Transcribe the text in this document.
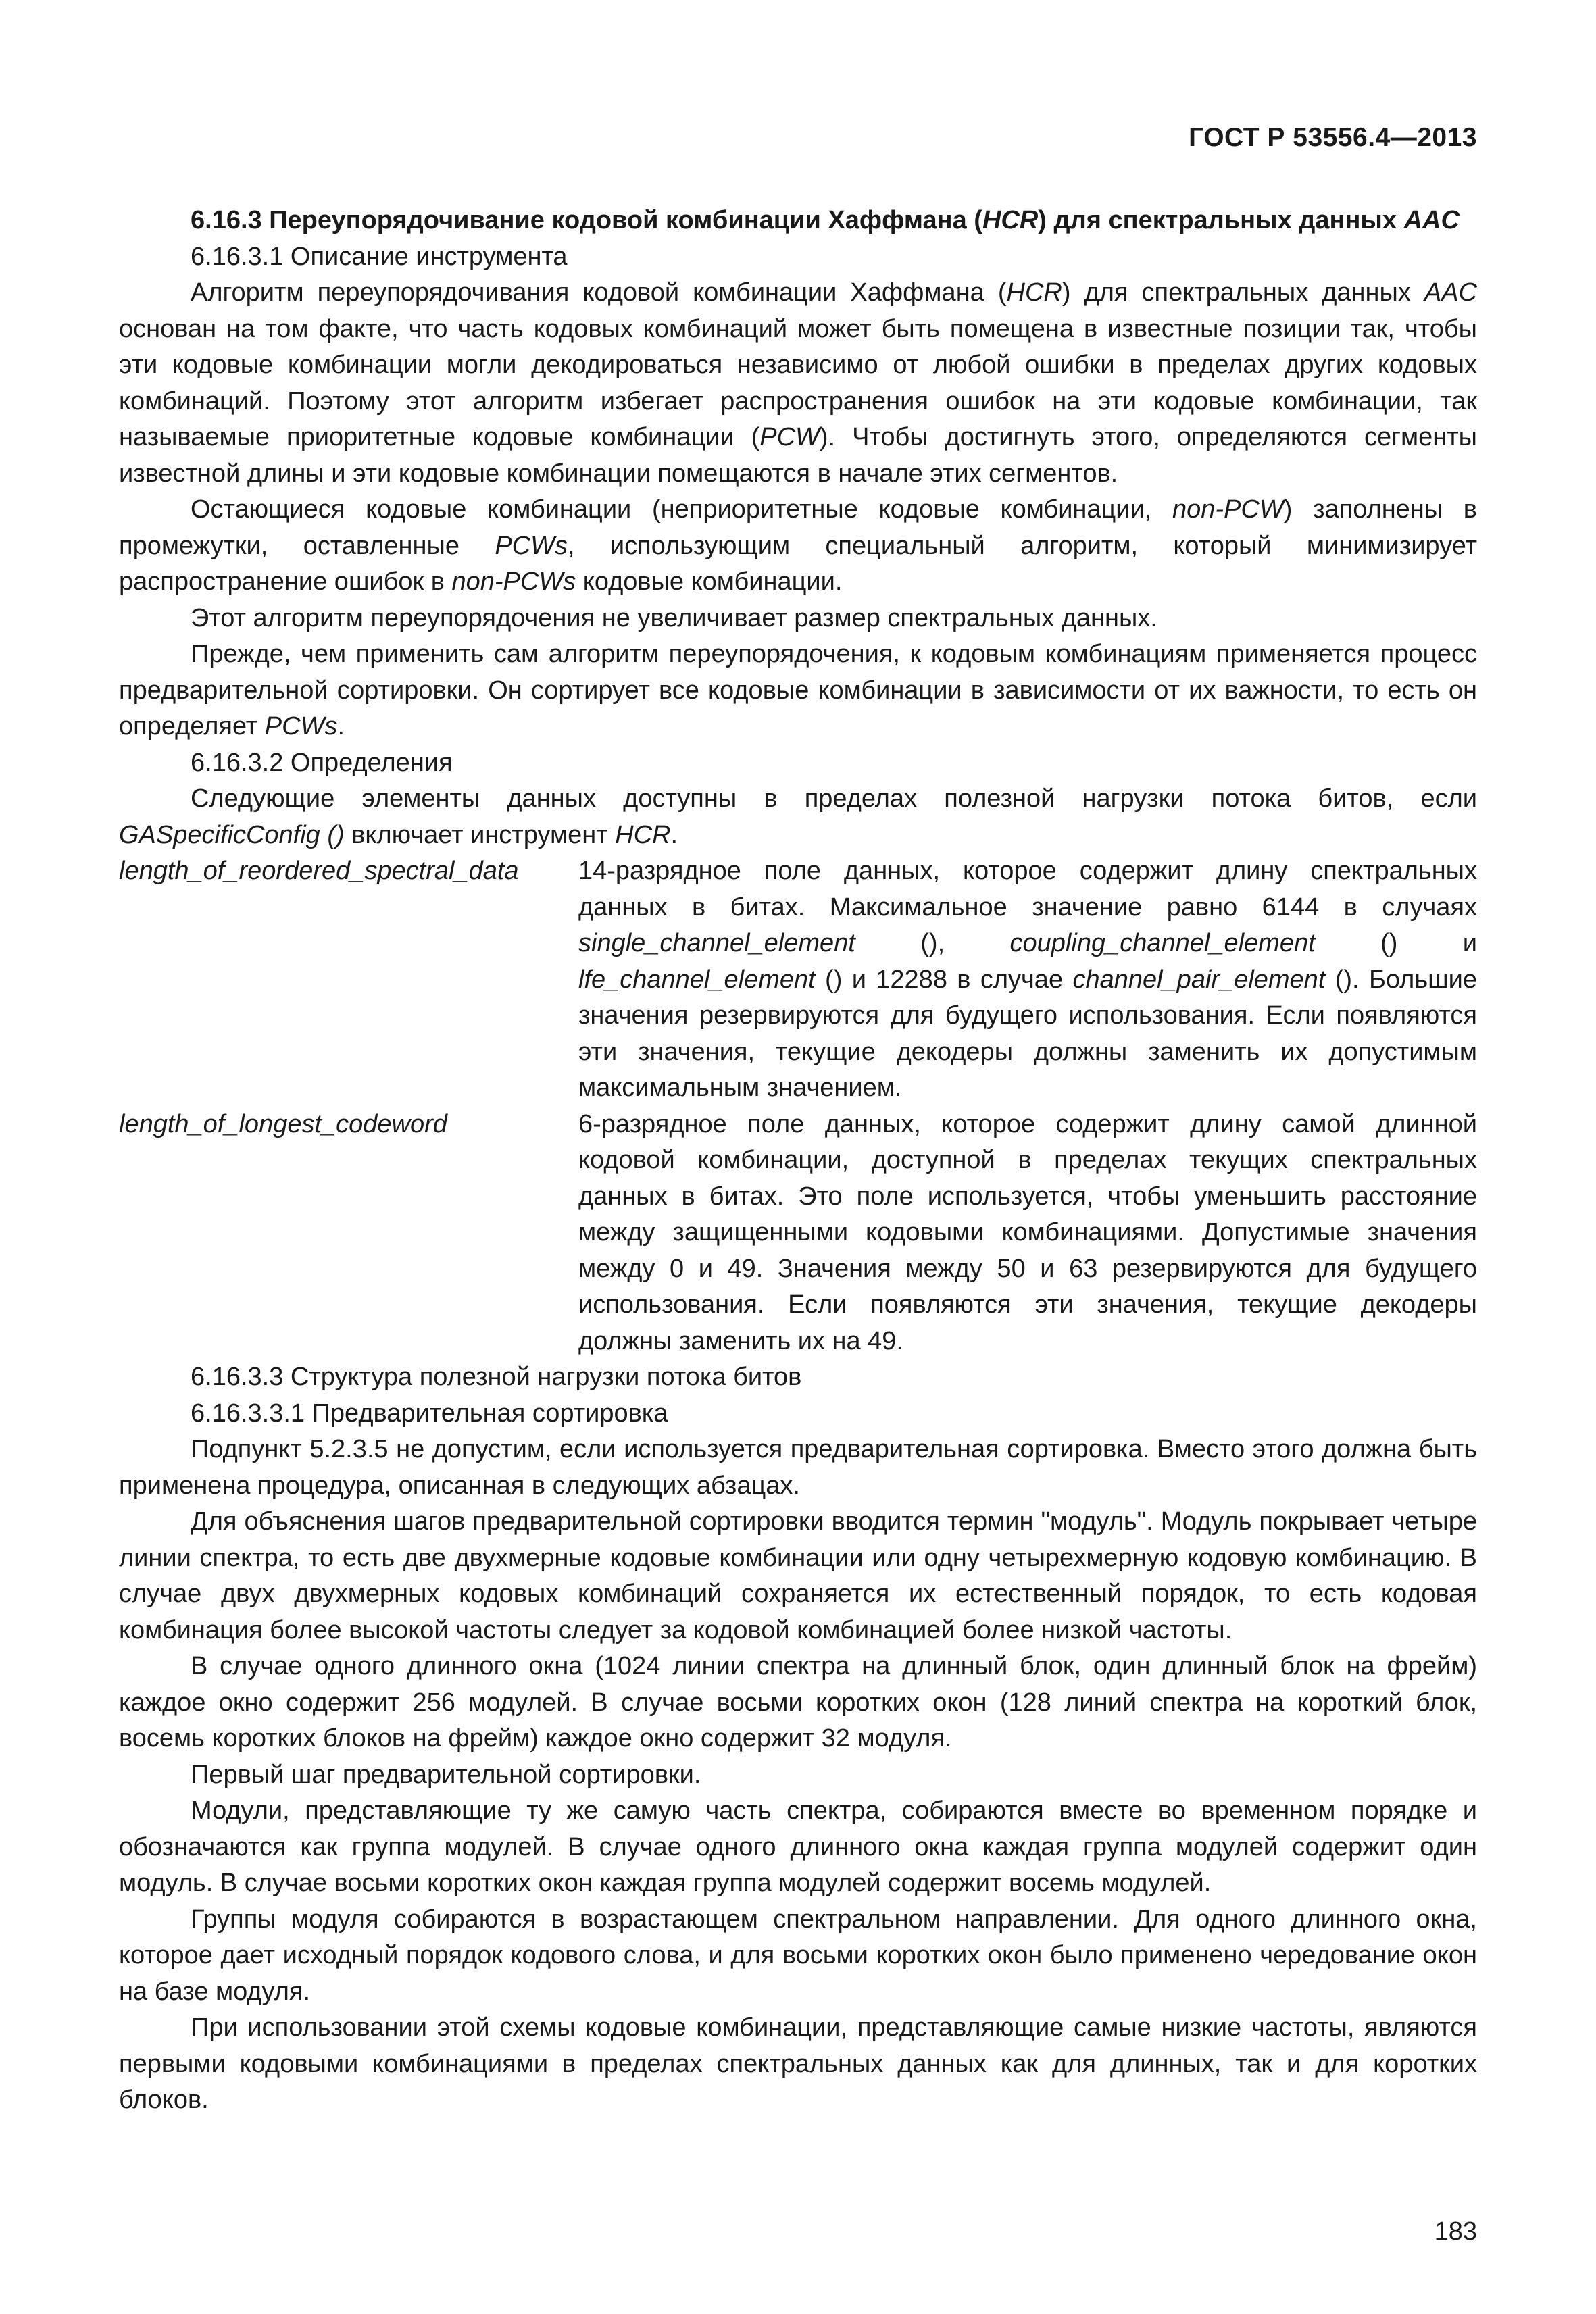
ГОСТ Р 53556.4—2013

6.16.3 Переупорядочивание кодовой комбинации Хаффмана (HCR) для спектральных данных AAC

6.16.3.1 Описание инструмента

Алгоритм переупорядочивания кодовой комбинации Хаффмана (HCR) для спектральных данных AAC основан на том факте, что часть кодовых комбинаций может быть помещена в известные позиции так, чтобы эти кодовые комбинации могли декодироваться независимо от любой ошибки в пределах других кодовых комбинаций. Поэтому этот алгоритм избегает распространения ошибок на эти кодовые комбинации, так называемые приоритетные кодовые комбинации (PCW). Чтобы достигнуть этого, определяются сегменты известной длины и эти кодовые комбинации помещаются в начале этих сегментов.

Остающиеся кодовые комбинации (неприоритетные кодовые комбинации, non-PCW) заполнены в промежутки, оставленные PCWs, использующим специальный алгоритм, который минимизирует распространение ошибок в non-PCWs кодовые комбинации.

Этот алгоритм переупорядочения не увеличивает размер спектральных данных.

Прежде, чем применить сам алгоритм переупорядочения, к кодовым комбинациям применяется процесс предварительной сортировки. Он сортирует все кодовые комбинации в зависимости от их важности, то есть он определяет PCWs.

6.16.3.2 Определения

Следующие элементы данных доступны в пределах полезной нагрузки потока битов, если GASpecificConfig () включает инструмент HCR.

length_of_reordered_spectral_data	14-разрядное поле данных, которое содержит длину спектральных данных в битах. Максимальное значение равно 6144 в случаях single_channel_element (), coupling_channel_element () и lfe_channel_element () и 12288 в случае channel_pair_element (). Большие значения резервируются для будущего использования. Если появляются эти значения, текущие декодеры должны заменить их допустимым максимальным значением.
length_of_longest_codeword	6-разрядное поле данных, которое содержит длину самой длинной кодовой комбинации, доступной в пределах текущих спектральных данных в битах. Это поле используется, чтобы уменьшить расстояние между защищенными кодовыми комбинациями. Допустимые значения между 0 и 49. Значения между 50 и 63 резервируются для будущего использования. Если появляются эти значения, текущие декодеры должны заменить их на 49.

6.16.3.3 Структура полезной нагрузки потока битов

6.16.3.3.1 Предварительная сортировка

Подпункт 5.2.3.5 не допустим, если используется предварительная сортировка. Вместо этого должна быть применена процедура, описанная в следующих абзацах.

Для объяснения шагов предварительной сортировки вводится термин "модуль". Модуль покрывает четыре линии спектра, то есть две двухмерные кодовые комбинации или одну четырехмерную кодовую комбинацию. В случае двух двухмерных кодовых комбинаций сохраняется их естественный порядок, то есть кодовая комбинация более высокой частоты следует за кодовой комбинацией более низкой частоты.

В случае одного длинного окна (1024 линии спектра на длинный блок, один длинный блок на фрейм) каждое окно содержит 256 модулей. В случае восьми коротких окон (128 линий спектра на короткий блок, восемь коротких блоков на фрейм) каждое окно содержит 32 модуля.

Первый шаг предварительной сортировки.

Модули, представляющие ту же самую часть спектра, собираются вместе во временном порядке и обозначаются как группа модулей. В случае одного длинного окна каждая группа модулей содержит один модуль. В случае восьми коротких окон каждая группа модулей содержит восемь модулей.

Группы модуля собираются в возрастающем спектральном направлении. Для одного длинного окна, которое дает исходный порядок кодового слова, и для восьми коротких окон было применено чередование окон на базе модуля.

При использовании этой схемы кодовые комбинации, представляющие самые низкие частоты, являются первыми кодовыми комбинациями в пределах спектральных данных как для длинных, так и для коротких блоков.

183
